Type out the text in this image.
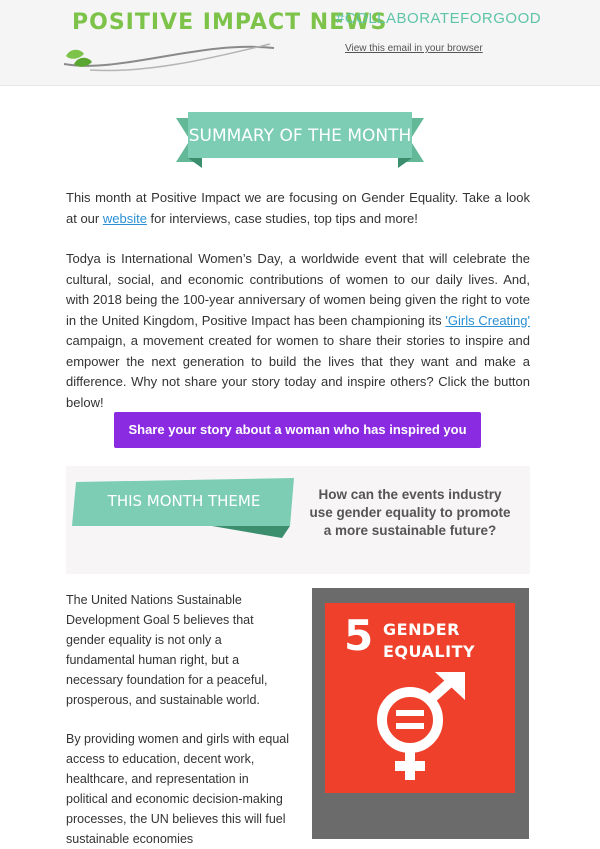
POSITIVE IMPACT NEWS
#COLLABORATEFORGOOD
View this email in your browser
SUMMARY OF THE MONTH
This month at Positive Impact we are focusing on Gender Equality. Take a look at our website for interviews, case studies, top tips and more!
Todya is International Women’s Day, a worldwide event that will celebrate the cultural, social, and economic contributions of women to our daily lives. And, with 2018 being the 100-year anniversary of women being given the right to vote in the United Kingdom, Positive Impact has been championing its 'Girls Creating' campaign, a movement created for women to share their stories to inspire and empower the next generation to build the lives that they want and make a difference. Why not share your story today and inspire others? Click the button below!
Share your story about a woman who has inspired you
THIS MONTH THEME	How can the events industry use gender equality to promote a more sustainable future?
The United Nations Sustainable Development Goal 5 believes that gender equality is not only a fundamental human right, but a necessary foundation for a peaceful, prosperous, and sustainable world.
By providing women and girls with equal access to education, decent work, healthcare, and representation in political and economic decision-making processes, the UN believes this will fuel sustainable economies
5 GENDER
EQUALITY
